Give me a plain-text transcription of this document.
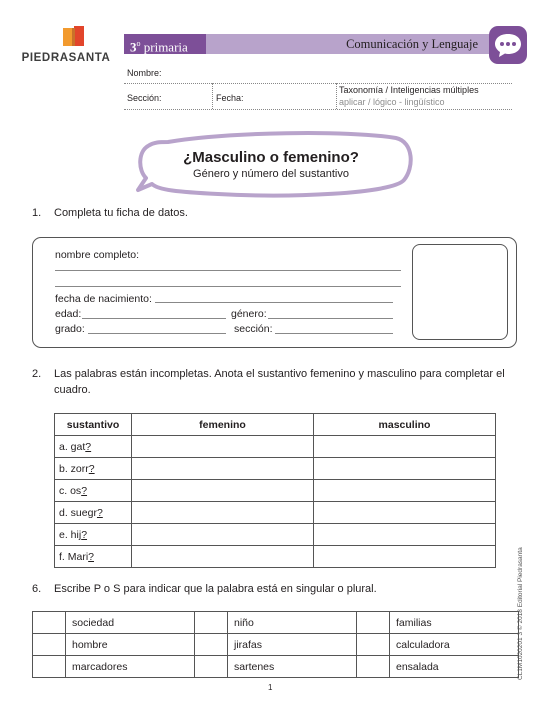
PIEDRASANTA
3$^o$ primaria	Comunicación y Lenguaje
Nombre:
Sección:	Fecha:
Taxonomía / Inteligencias múltiples
aplicar / lógico - lingüístico
¿Masculino o femenino?
Género y número del sustantivo
1. Completa tu ficha de datos.
nombre completo:
fecha de nacimiento:
edad:	género:
grado:	sección:
2. Las palabras están incompletas. Anota el sustantivo femenino y masculino para completar el
cuadro.
sustantivo	femenino	masculino
a. gat?		
b. zorr?		
c. os?		
d. suegr?		
e. hij?		
f. Mari?		
6. Escribe P o S para indicar que la palabra está en singular o plural.
	sociedad		niño		familias
	hombre		jirafas		calculadora
	marcadores		sartenes		ensalada	CL1M1020201 3 © 2018 Editorial Piedrasanta
1
